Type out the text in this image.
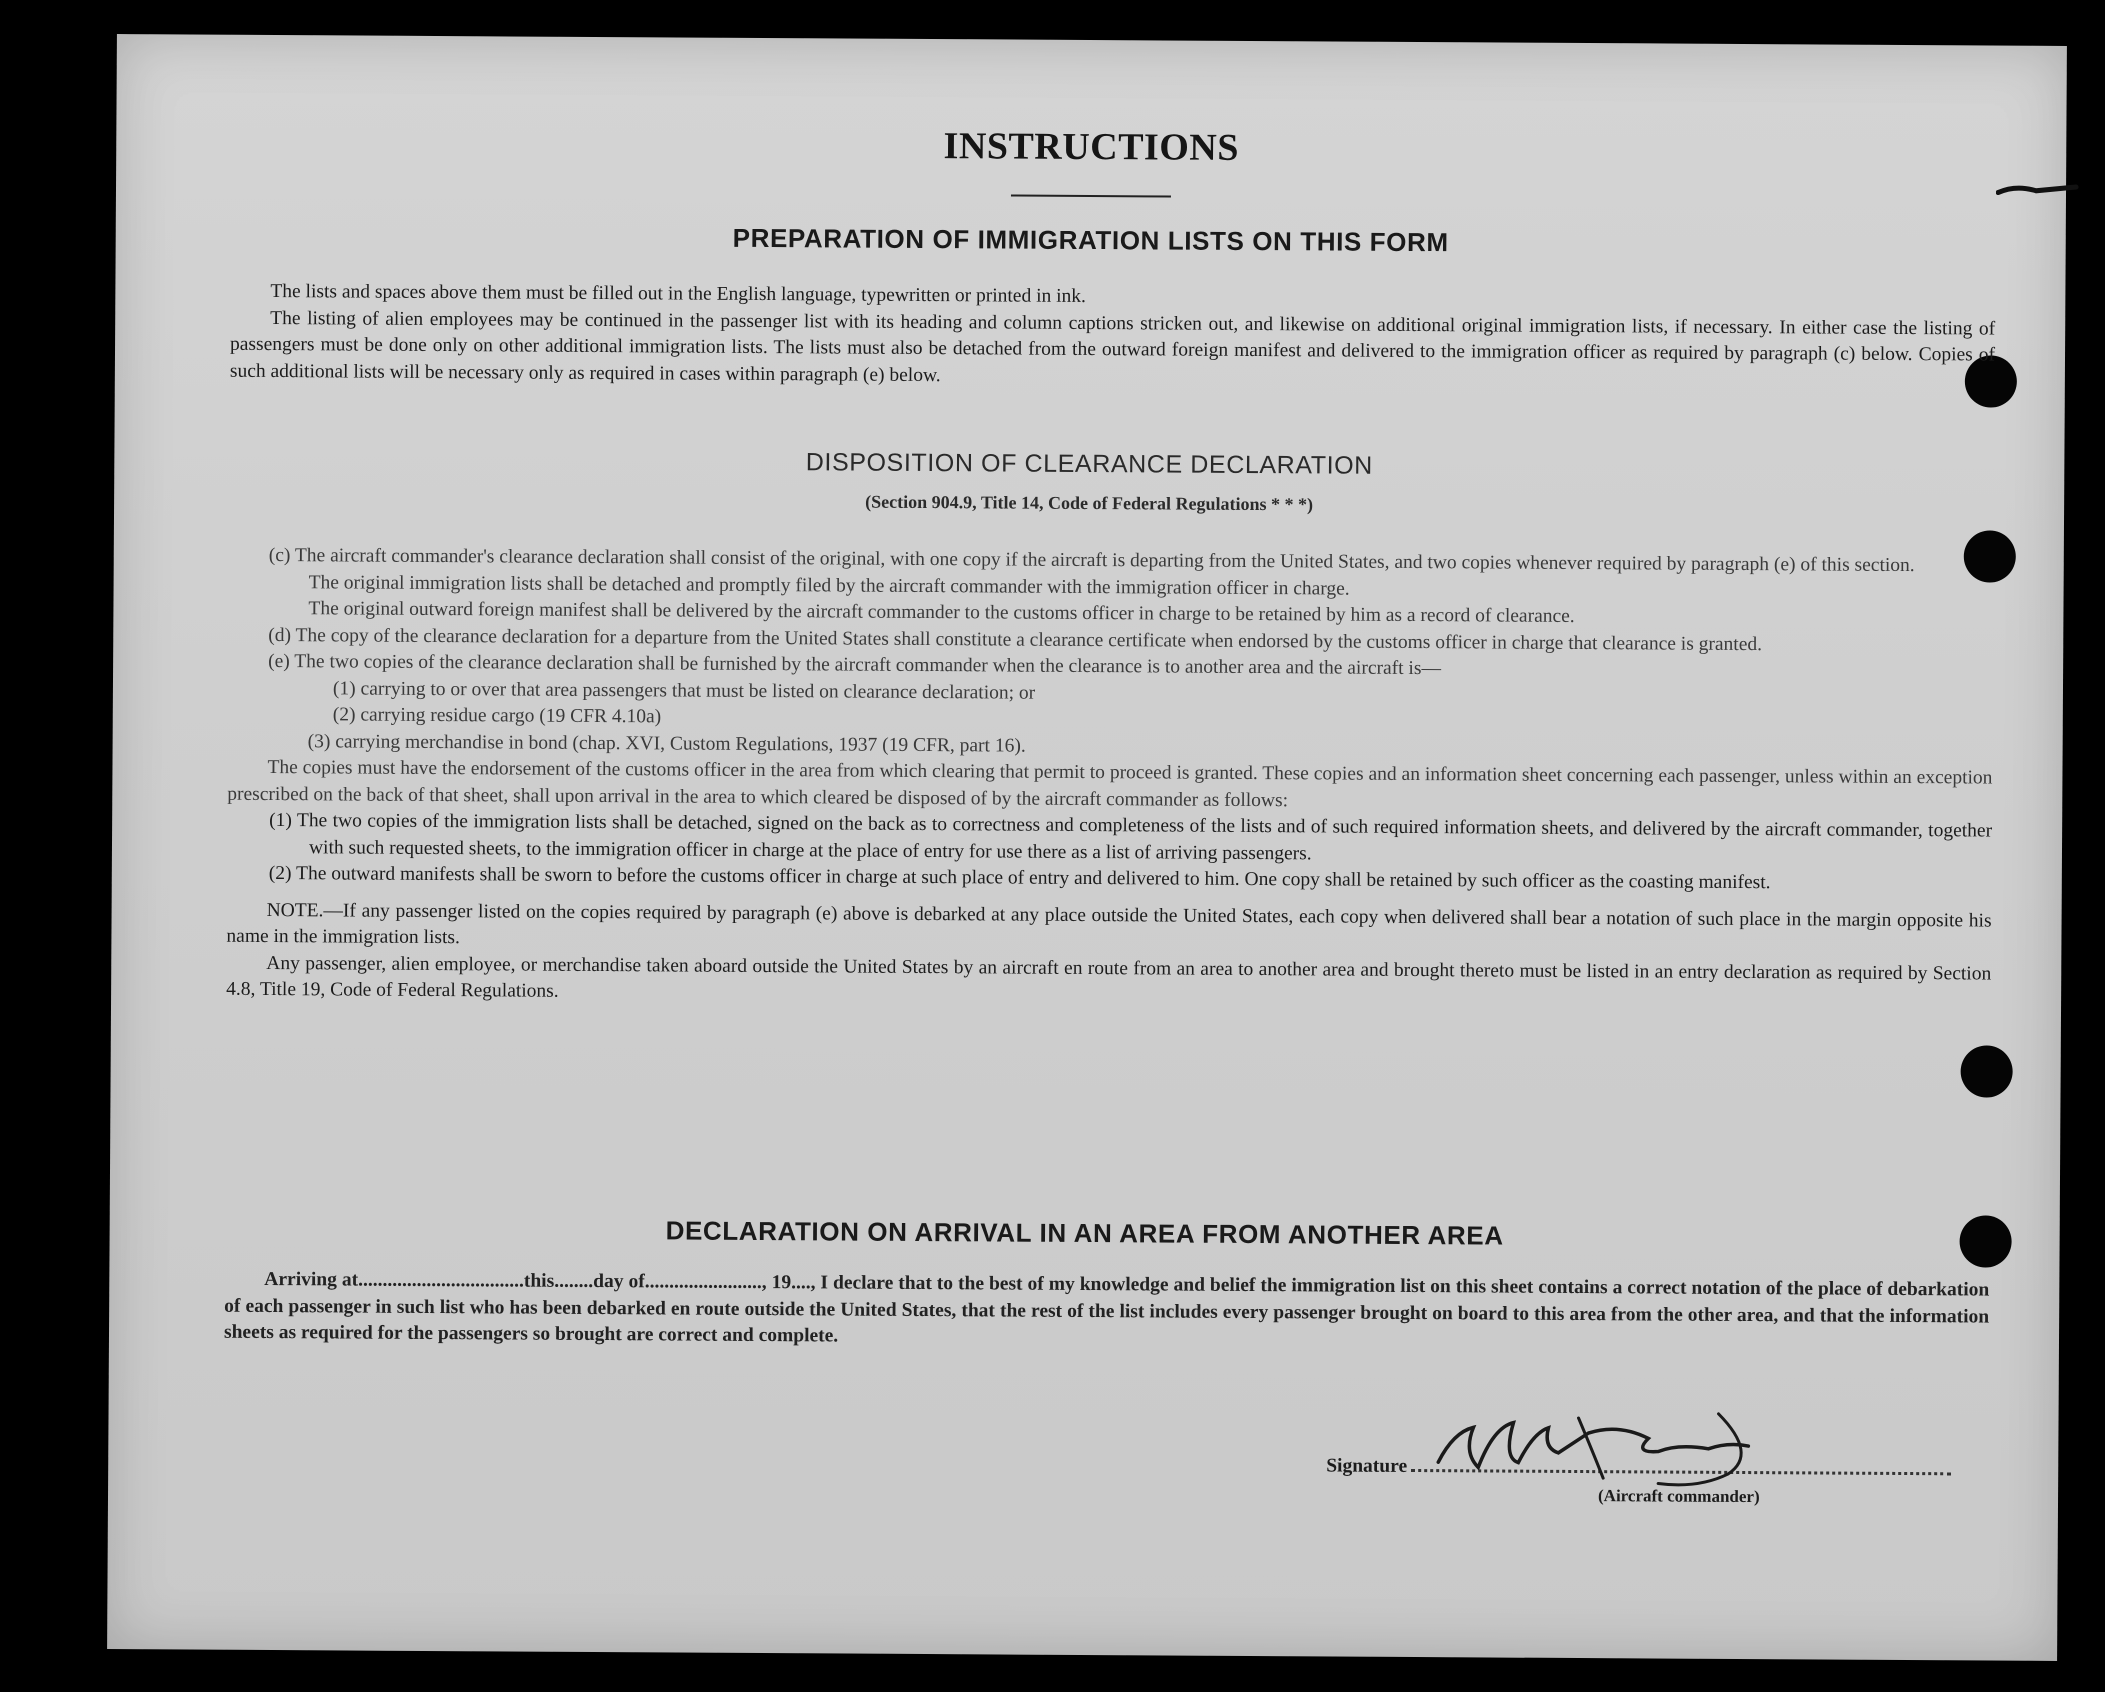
INSTRUCTIONS
PREPARATION OF IMMIGRATION LISTS ON THIS FORM

The lists and spaces above them must be filled out in the English language, typewritten or printed in ink.

The listing of alien employees may be continued in the passenger list with its heading and column captions stricken out, and likewise on additional original immigration lists, if necessary. In either case the listing of passengers must be done only on other additional immigration lists. The lists must also be detached from the outward foreign manifest and delivered to the immigration officer as required by paragraph (c) below. Copies of such additional lists will be necessary only as required in cases within paragraph (e) below.

DISPOSITION OF CLEARANCE DECLARATION
(Section 904.9, Title 14, Code of Federal Regulations * * *)

(c) The aircraft commander's clearance declaration shall consist of the original, with one copy if the aircraft is departing from the United States, and two copies whenever required by paragraph (e) of this section.

The original immigration lists shall be detached and promptly filed by the aircraft commander with the immigration officer in charge.

The original outward foreign manifest shall be delivered by the aircraft commander to the customs officer in charge to be retained by him as a record of clearance.

(d) The copy of the clearance declaration for a departure from the United States shall constitute a clearance certificate when endorsed by the customs officer in charge that clearance is granted.

(e) The two copies of the clearance declaration shall be furnished by the aircraft commander when the clearance is to another area and the aircraft is—

(1) carrying to or over that area passengers that must be listed on clearance declaration; or

(2) carrying residue cargo (19 CFR 4.10a)

(3) carrying merchandise in bond (chap. XVI, Custom Regulations, 1937 (19 CFR, part 16).

The copies must have the endorsement of the customs officer in the area from which clearing that permit to proceed is granted. These copies and an information sheet concerning each passenger, unless within an exception prescribed on the back of that sheet, shall upon arrival in the area to which cleared be disposed of by the aircraft commander as follows:

(1) The two copies of the immigration lists shall be detached, signed on the back as to correctness and completeness of the lists and of such required information sheets, and delivered by the aircraft commander, together with such requested sheets, to the immigration officer in charge at the place of entry for use there as a list of arriving passengers.

(2) The outward manifests shall be sworn to before the customs officer in charge at such place of entry and delivered to him. One copy shall be retained by such officer as the coasting manifest.

NOTE.—If any passenger listed on the copies required by paragraph (e) above is debarked at any place outside the United States, each copy when delivered shall bear a notation of such place in the margin opposite his name in the immigration lists.

Any passenger, alien employee, or merchandise taken aboard outside the United States by an aircraft en route from an area to another area and brought thereto must be listed in an entry declaration as required by Section 4.8, Title 19, Code of Federal Regulations.

DECLARATION ON ARRIVAL IN AN AREA FROM ANOTHER AREA

Arriving at..................................this........day of........................, 19...., I declare that to the best of my knowledge and belief the immigration list on this sheet contains a correct notation of the place of debarkation of each passenger in such list who has been debarked en route outside the United States, that the rest of the list includes every passenger brought on board to this area from the other area, and that the information sheets as required for the passengers so brought are correct and complete.

Signature
(Aircraft commander)
